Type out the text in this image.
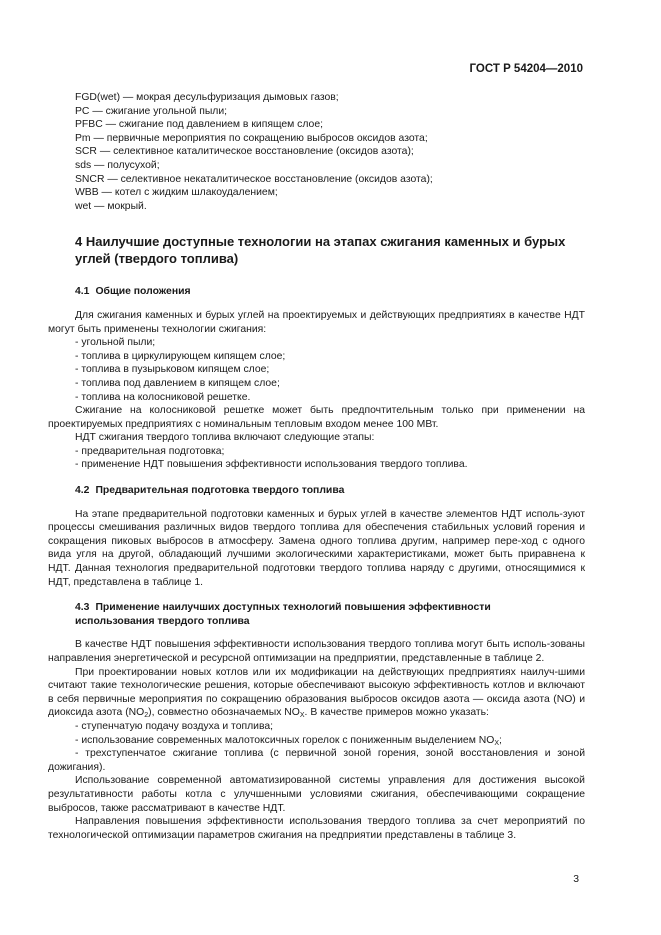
ГОСТ Р 54204—2010

FGD(wet) — мокрая десульфуризация дымовых газов;

PC — сжигание угольной пыли;

PFBC — сжигание под давлением в кипящем слое;

Pm — первичные мероприятия по сокращению выбросов оксидов азота;

SCR — селективное каталитическое восстановление (оксидов азота);

sds — полусухой;

SNCR — селективное некаталитическое восстановление (оксидов азота);

WBB — котел с жидким шлакоудалением;

wet — мокрый.

4 Наилучшие доступные технологии на этапах сжигания каменных и бурых углей (твердого топлива)
4.1 Общие положения

Для сжигания каменных и бурых углей на проектируемых и действующих предприятиях в качестве НДТ могут быть применены технологии сжигания:

- угольной пыли;

- топлива в циркулирующем кипящем слое;

- топлива в пузырьковом кипящем слое;

- топлива под давлением в кипящем слое;

- топлива на колосниковой решетке.

Сжигание на колосниковой решетке может быть предпочтительным только при применении на проектируемых предприятиях с номинальным тепловым входом менее 100 МВт.

НДТ сжигания твердого топлива включают следующие этапы:

- предварительная подготовка;

- применение НДТ повышения эффективности использования твердого топлива.

4.2 Предварительная подготовка твердого топлива

На этапе предварительной подготовки каменных и бурых углей в качестве элементов НДТ исполь-зуют процессы смешивания различных видов твердого топлива для обеспечения стабильных условий горения и сокращения пиковых выбросов в атмосферу. Замена одного топлива другим, например пере-ход с одного вида угля на другой, обладающий лучшими экологическими характеристиками, может быть приравнена к НДТ. Данная технология предварительной подготовки твердого топлива наряду с другими, относящимися к НДТ, представлена в таблице 1.

4.3 Применение наилучших доступных технологий повышения эффективности использования твердого топлива

В качестве НДТ повышения эффективности использования твердого топлива могут быть исполь-зованы направления энергетической и ресурсной оптимизации на предприятии, представленные в таблице 2.

При проектировании новых котлов или их модификации на действующих предприятиях наилуч-шими считают такие технологические решения, которые обеспечивают высокую эффективность котлов и включают в себя первичные мероприятия по сокращению образования выбросов оксидов азота — оксида азота (NO) и диоксида азота $(NO_2)$, совместно обозначаемых $NO_X$. В качестве примеров можно указать:

- ступенчатую подачу воздуха и топлива;

- использование современных малотоксичных горелок с пониженным выделением $NO_X$;

- трехступенчатое сжигание топлива (с первичной зоной горения, зоной восстановления и зоной дожигания).

Использование современной автоматизированной системы управления для достижения высокой результативности работы котла с улучшенными условиями сжигания, обеспечивающими сокращение выбросов, также рассматривают в качестве НДТ.

Направления повышения эффективности использования твердого топлива за счет мероприятий по технологической оптимизации параметров сжигания на предприятии представлены в таблице 3.

3
